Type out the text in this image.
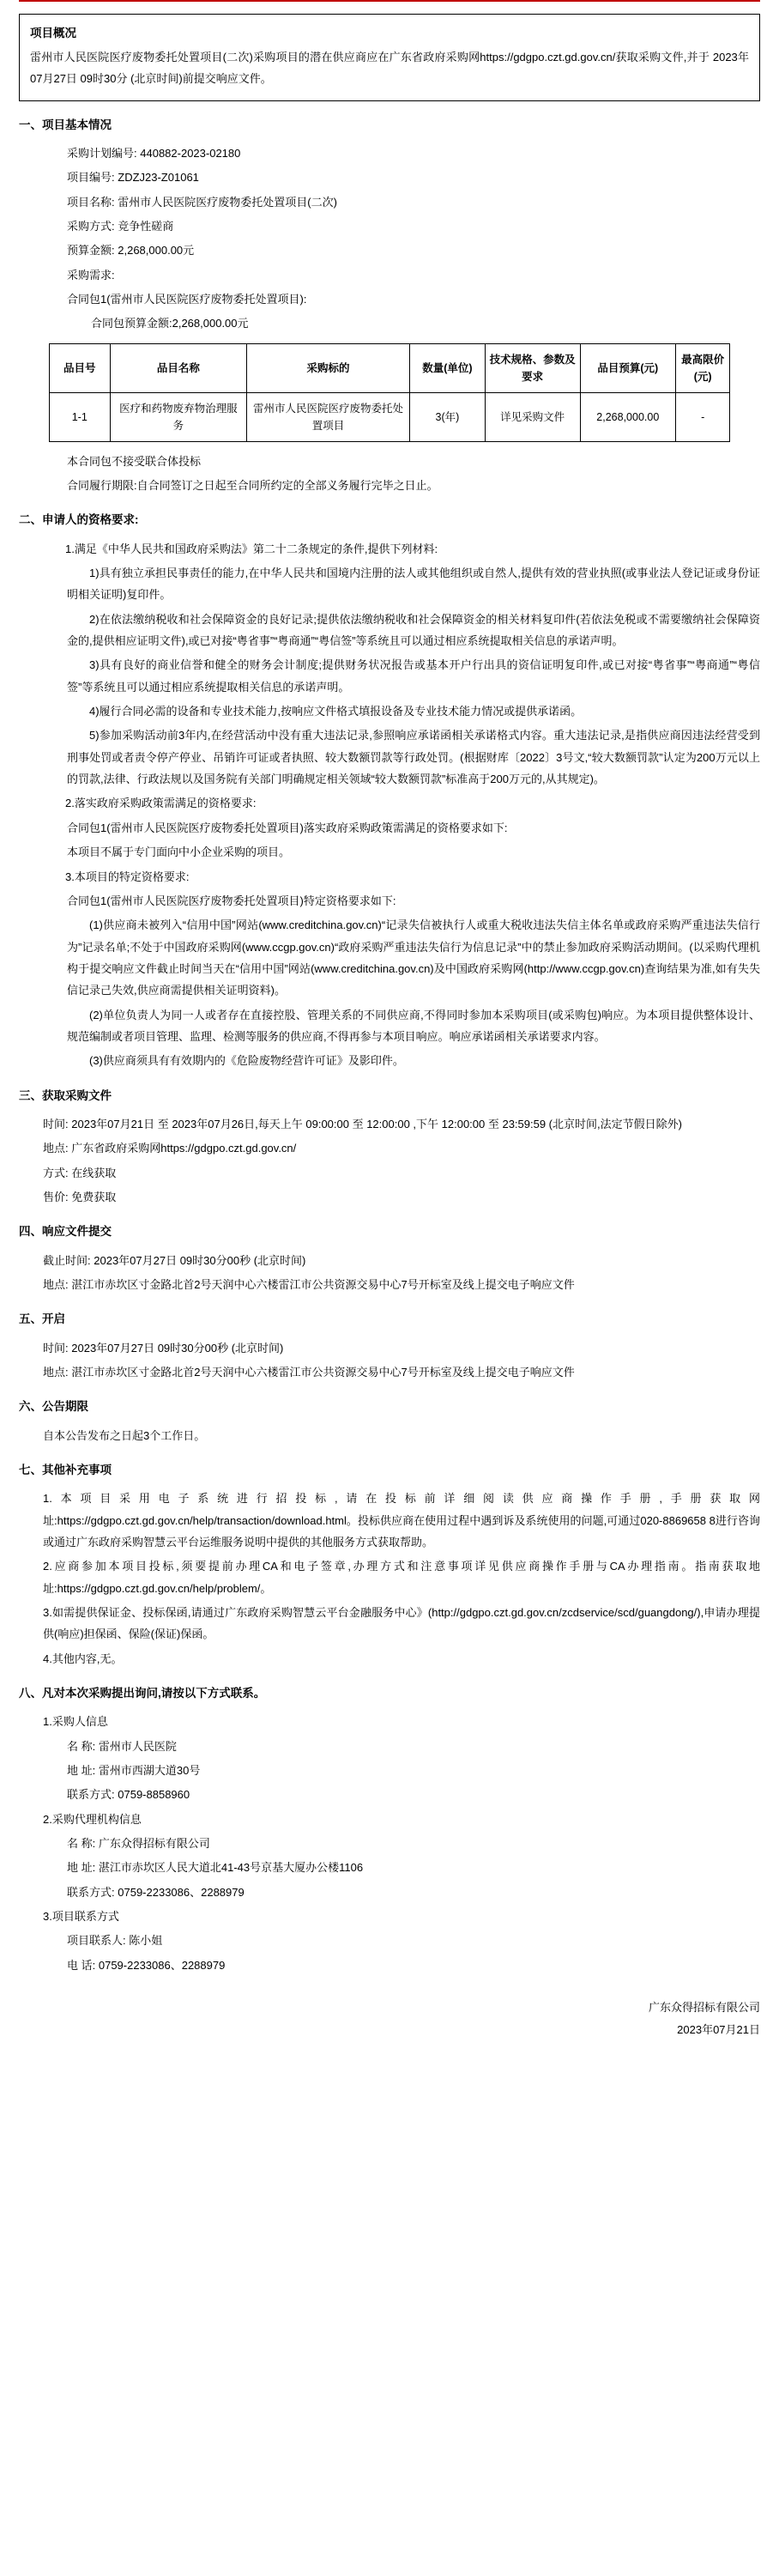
项目概况
雷州市人民医院医疗废物委托处置项目(二次)采购项目的潜在供应商应在广东省政府采购网https://gdgpo.czt.gd.gov.cn/获取采购文件,并于 2023年07月27日 09时30分 (北京时间)前提交响应文件。
一、项目基本情况

采购计划编号: 440882-2023-02180

项目编号: ZDZJ23-Z01061

项目名称: 雷州市人民医院医疗废物委托处置项目(二次)

采购方式: 竞争性磋商

预算金额: 2,268,000.00元

采购需求:

合同包1(雷州市人民医院医疗废物委托处置项目):

合同包预算金额:2,268,000.00元

品目号	品目名称	采购标的	数量(单位)	技术规格、参数及要求	品目预算(元)	最高限价(元)
1-1	医疗和药物废弃物治理服务	雷州市人民医院医疗废物委托处置项目	3(年)	详见采购文件	2,268,000.00	-

本合同包不接受联合体投标

合同履行期限:自合同签订之日起至合同所约定的全部义务履行完毕之日止。

二、申请人的资格要求:

1.满足《中华人民共和国政府采购法》第二十二条规定的条件,提供下列材料:

1)具有独立承担民事责任的能力,在中华人民共和国境内注册的法人或其他组织或自然人,提供有效的营业执照(或事业法人登记证或身份证明相关证明)复印件。

2)在依法缴纳税收和社会保障资金的良好记录;提供依法缴纳税收和社会保障资金的相关材料复印件(若依法免税或不需要缴纳社会保障资金的,提供相应证明文件),或已对接“粤省事”“粤商通”“粤信签”等系统且可以通过相应系统提取相关信息的承诺声明。

3)具有良好的商业信誉和健全的财务会计制度;提供财务状况报告或基本开户行出具的资信证明复印件,或已对接“粤省事”“粤商通”“粤信签”等系统且可以通过相应系统提取相关信息的承诺声明。

4)履行合同必需的设备和专业技术能力,按响应文件格式填报设备及专业技术能力情况或提供承诺函。

5)参加采购活动前3年内,在经营活动中没有重大违法记录,参照响应承诺函相关承诺格式内容。重大违法记录,是指供应商因违法经营受到刑事处罚或者责令停产停业、吊销许可证或者执照、较大数额罚款等行政处罚。(根据财库〔2022〕3号文,“较大数额罚款”认定为200万元以上的罚款,法律、行政法规以及国务院有关部门明确规定相关领域“较大数额罚款”标准高于200万元的,从其规定)。

2.落实政府采购政策需满足的资格要求:

合同包1(雷州市人民医院医疗废物委托处置项目)落实政府采购政策需满足的资格要求如下:

本项目不属于专门面向中小企业采购的项目。

3.本项目的特定资格要求:

合同包1(雷州市人民医院医疗废物委托处置项目)特定资格要求如下:

(1)供应商未被列入“信用中国”网站(www.creditchina.gov.cn)“记录失信被执行人或重大税收违法失信主体名单或政府采购严重违法失信行为”记录名单;不处于中国政府采购网(www.ccgp.gov.cn)“政府采购严重违法失信行为信息记录”中的禁止参加政府采购活动期间。(以采购代理机构于提交响应文件截止时间当天在“信用中国”网站(www.creditchina.gov.cn)及中国政府采购网(http://www.ccgp.gov.cn)查询结果为准,如有失失信记录己失效,供应商需提供相关证明资料)。

(2)单位负责人为同一人或者存在直接控股、管理关系的不同供应商,不得同时参加本采购项目(或采购包)响应。为本项目提供整体设计、规范编制或者项目管理、监理、检测等服务的供应商,不得再参与本项目响应。响应承诺函相关承诺要求内容。

(3)供应商须具有有效期内的《危险废物经营许可证》及影印件。

三、获取采购文件

时间: 2023年07月21日 至 2023年07月26日,每天上午 09:00:00 至 12:00:00 ,下午 12:00:00 至 23:59:59 (北京时间,法定节假日除外)

地点: 广东省政府采购网https://gdgpo.czt.gd.gov.cn/

方式: 在线获取

售价: 免费获取

四、响应文件提交

截止时间: 2023年07月27日 09时30分00秒 (北京时间)

地点: 湛江市赤坎区寸金路北首2号天润中心六楼雷江市公共资源交易中心7号开标室及线上提交电子响应文件

五、开启

时间: 2023年07月27日 09时30分00秒 (北京时间)

地点: 湛江市赤坎区寸金路北首2号天润中心六楼雷江市公共资源交易中心7号开标室及线上提交电子响应文件

六、公告期限

自本公告发布之日起3个工作日。

七、其他补充事项

1.本项目采用电子系统进行招投标,请在投标前详细阅读供应商操作手册,手册获取网址:https://gdgpo.czt.gd.gov.cn/help/transaction/download.html。投标供应商在使用过程中遇到诉及系统使用的问题,可通过020-8869658 8进行咨询或通过广东政府采购智慧云平台运维服务说明中提供的其他服务方式获取帮助。

2.应商参加本项目投标,须要提前办理CA和电子签章,办理方式和注意事项详见供应商操作手册与CA办理指南。指南获取地址:https://gdgpo.czt.gd.gov.cn/help/problem/。

3.如需提供保证金、投标保函,请通过广东政府采购智慧云平台金融服务中心》(http://gdgpo.czt.gd.gov.cn/zcdservice/scd/guangdong/),申请办理提供(响应)担保函、保险(保证)保函。

4.其他内容,无。

八、凡对本次采购提出询问,请按以下方式联系。

1.采购人信息

名 称: 雷州市人民医院

地 址: 雷州市西湖大道30号

联系方式: 0759-8858960

2.采购代理机构信息

名 称: 广东众得招标有限公司

地 址: 湛江市赤坎区人民大道北41-43号京基大厦办公楼1106

联系方式: 0759-2233086、2288979

3.项目联系方式

项目联系人: 陈小姐

电 话: 0759-2233086、2288979

广东众得招标有限公司
2023年07月21日
